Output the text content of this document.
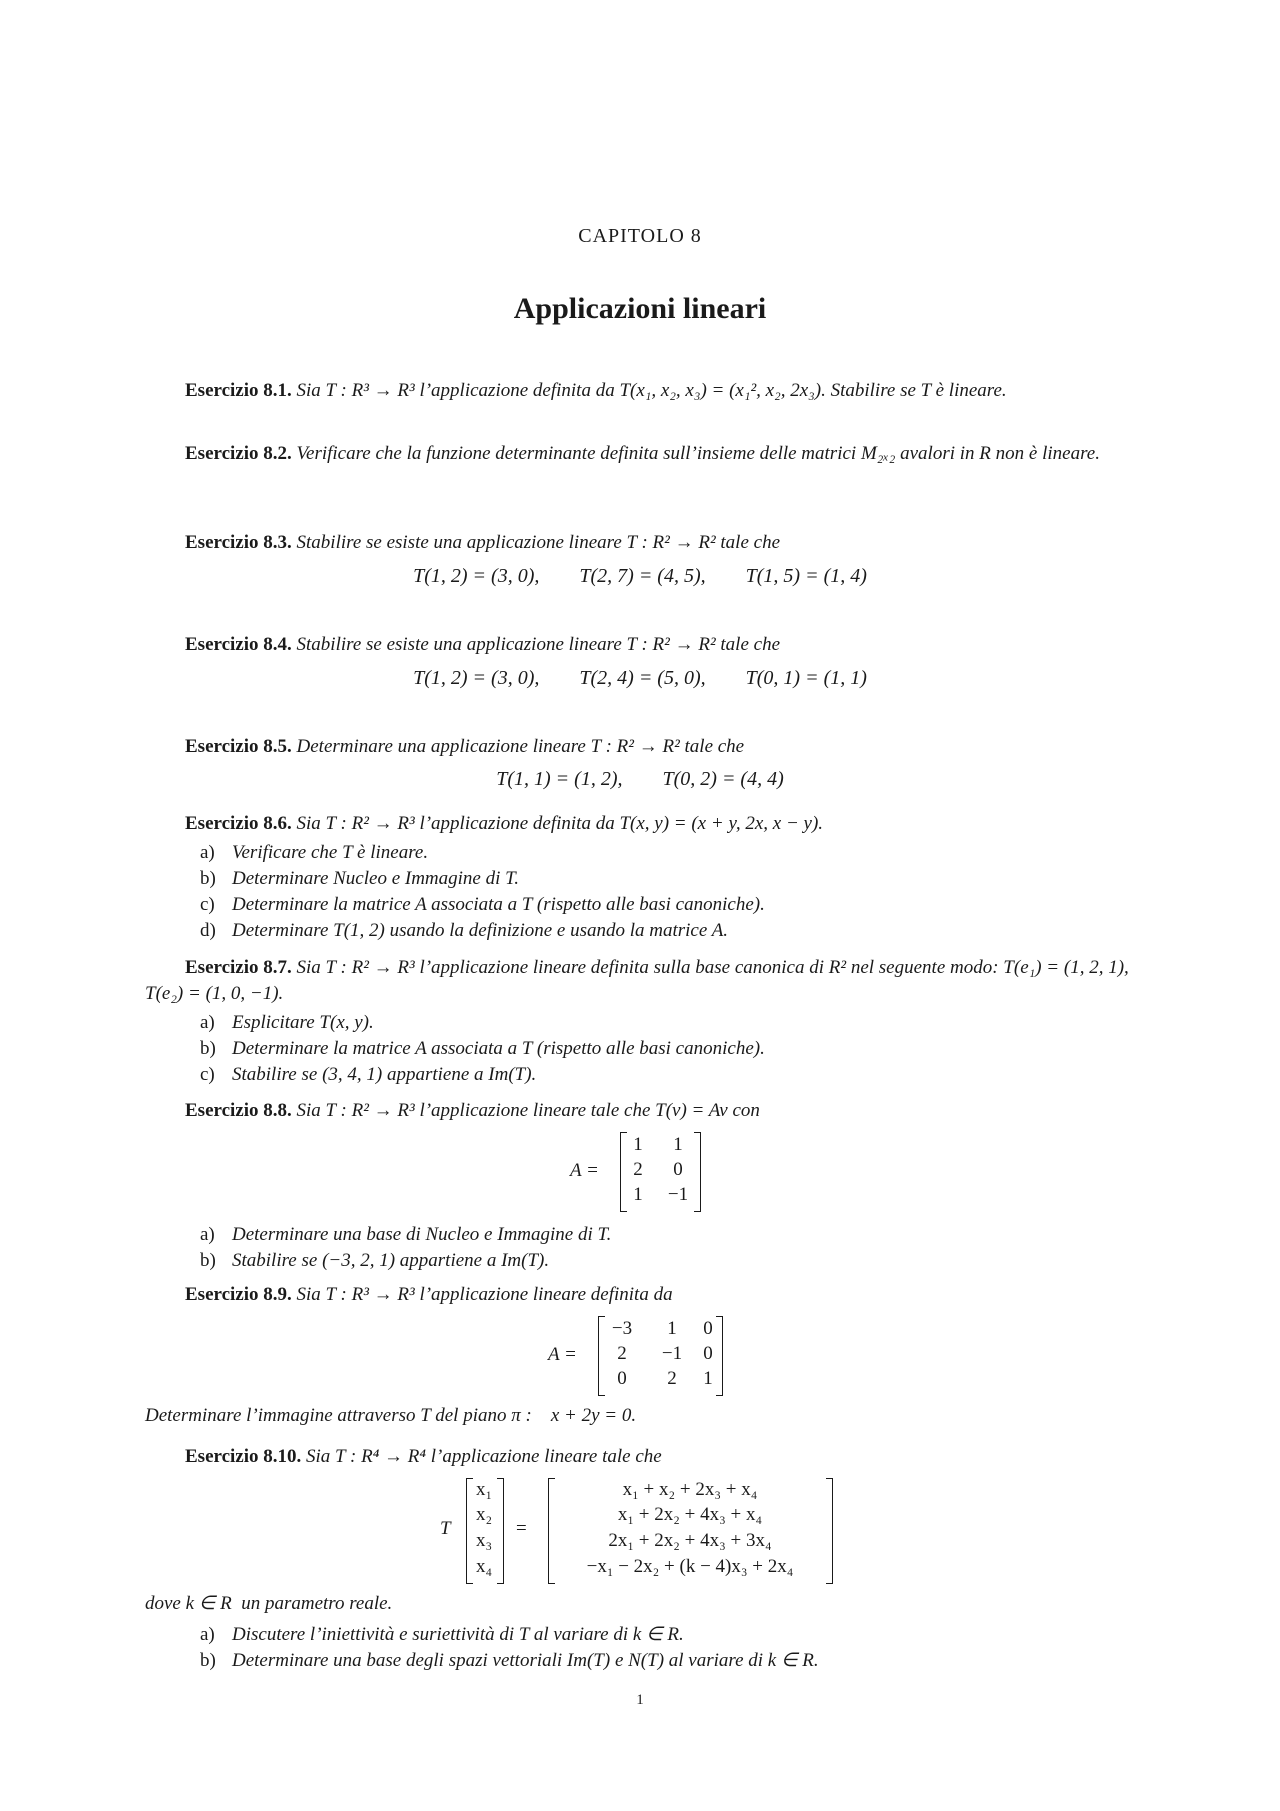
CAPITOLO 8
Applicazioni lineari
Esercizio 8.1. Sia T : R³ → R³ l’applicazione definita da T(x₁, x₂, x₃) = (x₁², x₂, 2x₃). Stabilire se T è lineare.
Esercizio 8.2. Verificare che la funzione determinante definita sull’insieme delle matrici M₂ₓ₂ avalori in R non è lineare.
Esercizio 8.3. Stabilire se esiste una applicazione lineare T : R² → R² tale che
T(1, 2) = (3, 0),        T(2, 7) = (4, 5),        T(1, 5) = (1, 4)
Esercizio 8.4. Stabilire se esiste una applicazione lineare T : R² → R² tale che
T(1, 2) = (3, 0),        T(2, 4) = (5, 0),        T(0, 1) = (1, 1)
Esercizio 8.5. Determinare una applicazione lineare T : R² → R² tale che
T(1, 1) = (1, 2),        T(0, 2) = (4, 4)
Esercizio 8.6. Sia T : R² → R³ l’applicazione definita da T(x, y) = (x + y, 2x, x − y).
a) Verificare che T è lineare.
b) Determinare Nucleo e Immagine di T.
c) Determinare la matrice A associata a T (rispetto alle basi canoniche).
d) Determinare T(1, 2) usando la definizione e usando la matrice A.
Esercizio 8.7. Sia T : R² → R³ l’applicazione lineare definita sulla base canonica di R² nel seguente modo: T(e₁) = (1, 2, 1), T(e₂) = (1, 0, −1).
a) Esplicitare T(x, y).
b) Determinare la matrice A associata a T (rispetto alle basi canoniche).
c) Stabilire se (3, 4, 1) appartiene a Im(T).
Esercizio 8.8. Sia T : R² → R³ l’applicazione lineare tale che T(v) = Av con
A =
1	1
2	0
1	−1
a) Determinare una base di Nucleo e Immagine di T.
b) Stabilire se (−3, 2, 1) appartiene a Im(T).
Esercizio 8.9. Sia T : R³ → R³ l’applicazione lineare definita da
A =
−3	1	0
2	−1	0
0	2	1
Determinare l’immagine attraverso T del piano π :    x + 2y = 0.
Esercizio 8.10. Sia T : R⁴ → R⁴ l’applicazione lineare tale che
T
x₁
x₂
x₃
x₄
=
x₁ + x₂ + 2x₃ + x₄
x₁ + 2x₂ + 4x₃ + x₄
2x₁ + 2x₂ + 4x₃ + 3x₄
−x₁ − 2x₂ + (k − 4)x₃ + 2x₄
dove k ∈ R  un parametro reale.
a) Discutere l’iniettività e suriettività di T al variare di k ∈ R.
b) Determinare una base degli spazi vettoriali Im(T) e N(T) al variare di k ∈ R.
1
